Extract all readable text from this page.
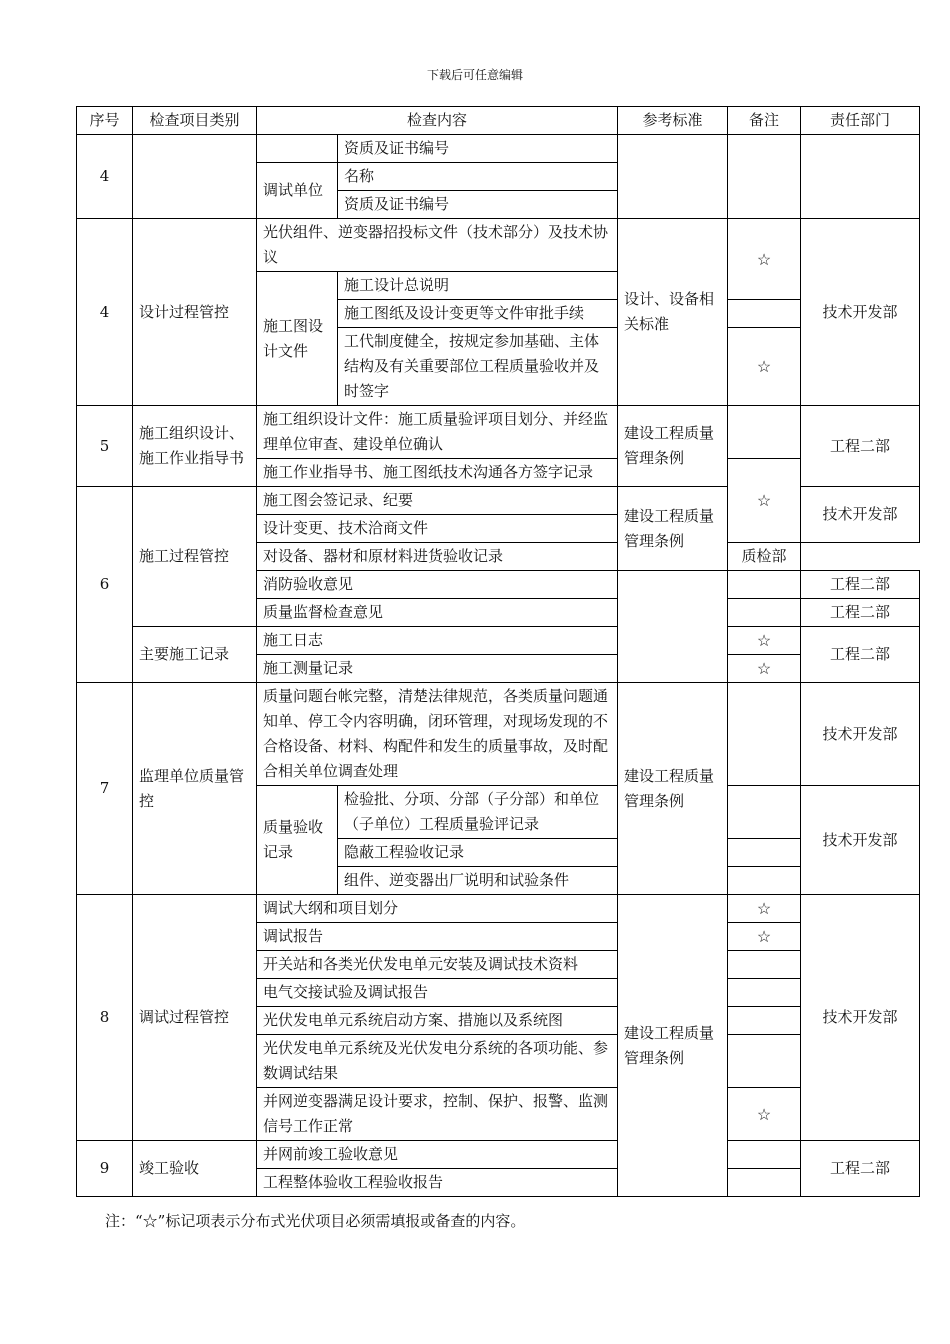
下载后可任意编辑
序号	检查项目类别	检查内容		参考标准	备注	责任部门
4			资质及证书编号			
		调试单位	名称			
			资质及证书编号			
4	设计过程管控	光伏组件、逆变器招投标文件（技术部分）及技术协议		设计、设备相关标准	☆	技术开发部
		施工图设计文件	施工设计总说明			
			施工图纸及设计变更等文件审批手续			
			工代制度健全，按规定参加基础、主体结构及有关重要部位工程质量验收并及时签字		☆	
5	施工组织设计、施工作业指导书	施工组织设计文件：施工质量验评项目划分、并经监理单位审查、建设单位确认		建设工程质量管理条例		工程二部
		施工作业指导书、施工图纸技术沟通各方签字记录			☆	
6	施工过程管控	施工图会签记录、纪要		建设工程质量管理条例		技术开发部
		设计变更、技术洽商文件				
		对设备、器材和原材料进货验收记录			质检部	
		消防验收意见				工程二部
		质量监督检查意见				工程二部
	主要施工记录	施工日志			☆	工程二部
		施工测量记录			☆	
7	监理单位质量管控	质量问题台帐完整，清楚法律规范，各类质量问题通知单、停工令内容明确，闭环管理，对现场发现的不合格设备、材料、构配件和发生的质量事故，及时配合相关单位调查处理		建设工程质量管理条例		技术开发部
		质量验收记录	检验批、分项、分部（子分部）和单位（子单位）工程质量验评记录			技术开发部
			隐蔽工程验收记录			
			组件、逆变器出厂说明和试验条件			
8	调试过程管控	调试大纲和项目划分		建设工程质量管理条例	☆	技术开发部
		调试报告			☆	
		开关站和各类光伏发电单元安装及调试技术资料				
		电气交接试验及调试报告				
		光伏发电单元系统启动方案、措施以及系统图				
		光伏发电单元系统及光伏发电分系统的各项功能、参数调试结果				
		并网逆变器满足设计要求，控制、保护、报警、监测信号工作正常			☆	
9	竣工验收	并网前竣工验收意见				工程二部
		工程整体验收工程验收报告				
注：“☆”标记项表示分布式光伏项目必须需填报或备查的内容。
